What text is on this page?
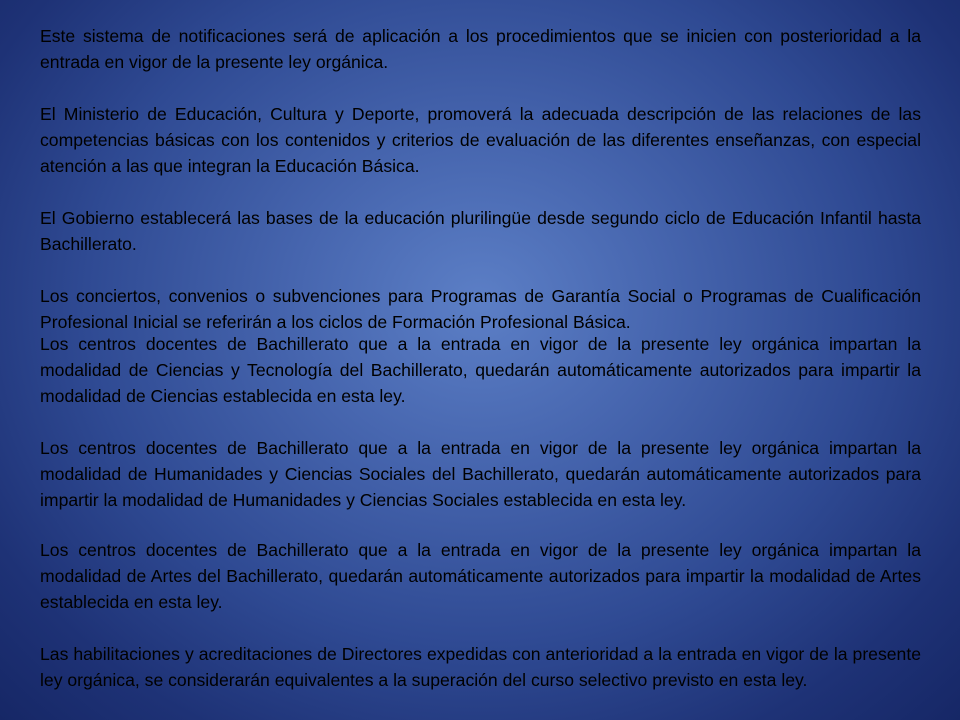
Este sistema de notificaciones será de aplicación a los procedimientos que se inicien con posterioridad a la entrada en vigor de la presente ley orgánica.

El Ministerio de Educación, Cultura y Deporte, promoverá la adecuada descripción de las relaciones de las competencias básicas con los contenidos y criterios de evaluación de las diferentes enseñanzas, con especial atención a las que integran la Educación Básica.

El Gobierno establecerá las bases de la educación plurilingüe desde segundo ciclo de Educación Infantil hasta Bachillerato.

Los conciertos, convenios o subvenciones para Programas de Garantía Social o Programas de Cualificación Profesional Inicial se referirán a los ciclos de Formación Profesional Básica.

Los centros docentes de Bachillerato que a la entrada en vigor de la presente ley orgánica impartan la modalidad de Ciencias y Tecnología del Bachillerato, quedarán automáticamente autorizados para impartir la modalidad de Ciencias establecida en esta ley.

Los centros docentes de Bachillerato que a la entrada en vigor de la presente ley orgánica impartan la modalidad de Humanidades y Ciencias Sociales del Bachillerato, quedarán automáticamente autorizados para impartir la modalidad de Humanidades y Ciencias Sociales establecida en esta ley.

Los centros docentes de Bachillerato que a la entrada en vigor de la presente ley orgánica impartan la modalidad de Artes del Bachillerato, quedarán automáticamente autorizados para impartir la modalidad de Artes establecida en esta ley.

Las habilitaciones y acreditaciones de Directores expedidas con anterioridad a la entrada en vigor de la presente ley orgánica, se considerarán equivalentes a la superación del curso selectivo previsto en esta ley.
